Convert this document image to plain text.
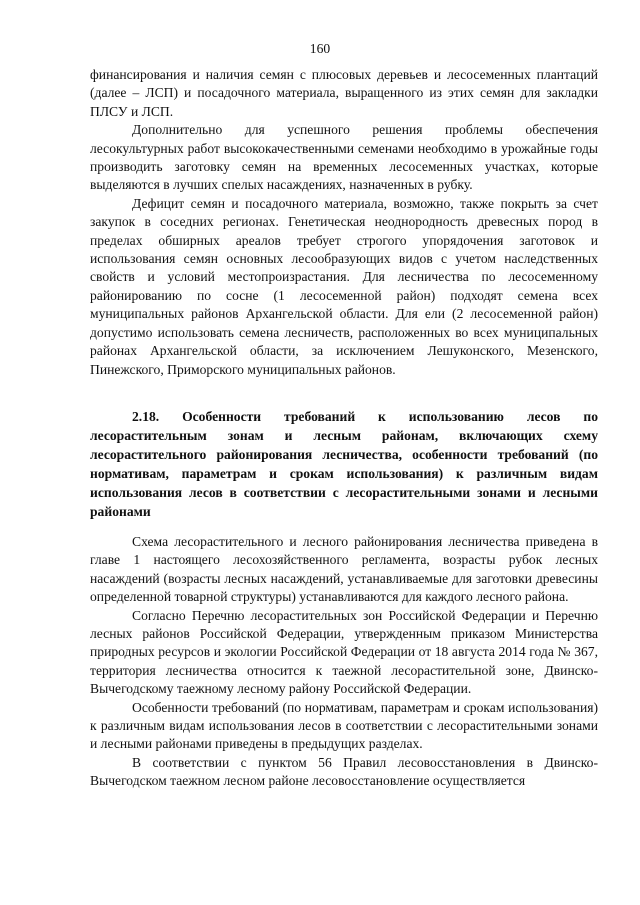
160

финансирования и наличия семян с плюсовых деревьев и лесосеменных плантаций (далее – ЛСП) и посадочного материала, выращенного из этих семян для закладки ПЛСУ и ЛСП.

Дополнительно для успешного решения проблемы обеспечения лесокультурных работ высококачественными семенами необходимо в урожайные годы производить заготовку семян на временных лесосеменных участках, которые выделяются в лучших спелых насаждениях, назначенных в рубку.

Дефицит семян и посадочного материала, возможно, также покрыть за счет закупок в соседних регионах. Генетическая неоднородность древесных пород в пределах обширных ареалов требует строгого упорядочения заготовок и использования семян основных лесообразующих видов с учетом наследственных свойств и условий местопроизрастания. Для лесничества по лесосеменному районированию по сосне (1 лесосеменной район) подходят семена всех муниципальных районов Архангельской области. Для ели (2 лесосеменной район) допустимо использовать семена лесничеств, расположенных во всех муниципальных районах Архангельской области, за исключением Лешуконского, Мезенского, Пинежского, Приморского муниципальных районов.

2.18. Особенности требований к использованию лесов по лесорастительным зонам и лесным районам, включающих схему лесорастительного районирования лесничества, особенности требований (по нормативам, параметрам и срокам использования) к различным видам использования лесов в соответствии с лесорастительными зонами и лесными районами

Схема лесорастительного и лесного районирования лесничества приведена в главе 1 настоящего лесохозяйственного регламента, возрасты рубок лесных насаждений (возрасты лесных насаждений, устанавливаемые для заготовки древесины определенной товарной структуры) устанавливаются для каждого лесного района.

Согласно Перечню лесорастительных зон Российской Федерации и Перечню лесных районов Российской Федерации, утвержденным приказом Министерства природных ресурсов и экологии Российской Федерации от 18 августа 2014 года № 367, территория лесничества относится к таежной лесорастительной зоне, Двинско-Вычегодскому таежному лесному району Российской Федерации.

Особенности требований (по нормативам, параметрам и срокам использования) к различным видам использования лесов в соответствии с лесорастительными зонами и лесными районами приведены в предыдущих разделах.

В соответствии с пунктом 56 Правил лесовосстановления в Двинско-Вычегодском таежном лесном районе лесовосстановление осуществляется
